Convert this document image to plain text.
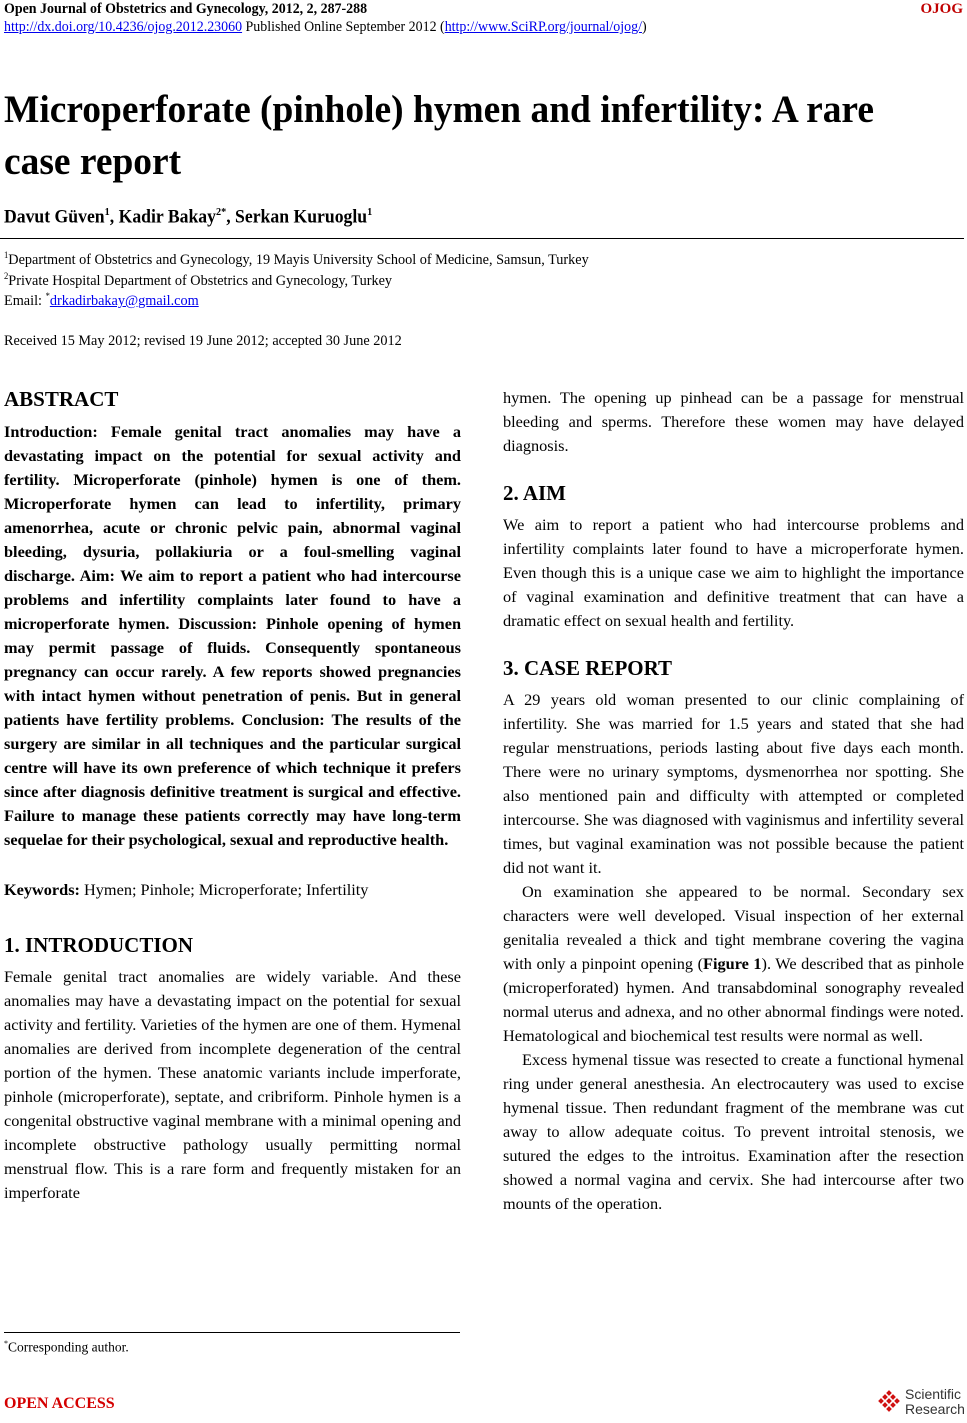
Open Journal of Obstetrics and Gynecology, 2012, 2, 287-288	OJOG
http://dx.doi.org/10.4236/ojog.2012.23060 Published Online September 2012 (http://www.SciRP.org/journal/ojog/)
Microperforate (pinhole) hymen and infertility: A rare case report
Davut Güven$^1$, Kadir Bakay$^{2*}$, Serkan Kuruoglu$^1$
$^1$Department of Obstetrics and Gynecology, 19 Mayis University School of Medicine, Samsun, Turkey
$^2$Private Hospital Department of Obstetrics and Gynecology, Turkey
Email: *drkadirbakay@gmail.com
Received 15 May 2012; revised 19 June 2012; accepted 30 June 2012
ABSTRACT

Introduction: Female genital tract anomalies may have a devastating impact on the potential for sexual activity and fertility. Microperforate (pinhole) hymen is one of them. Microperforate hymen can lead to infertility, primary amenorrhea, acute or chronic pelvic pain, abnormal vaginal bleeding, dysuria, pollakiuria or a foul-smelling vaginal discharge. Aim: We aim to report a patient who had intercourse problems and infertility complaints later found to have a microperforate hymen. Discussion: Pinhole opening of hymen may permit passage of fluids. Consequently spontaneous pregnancy can occur rarely. A few reports showed pregnancies with intact hymen without penetration of penis. But in general patients have fertility problems. Conclusion: The results of the surgery are similar in all techniques and the particular surgical centre will have its own preference of which technique it prefers since after diagnosis definitive treatment is surgical and effective. Failure to manage these patients correctly may have long-term sequelae for their psychological, sexual and reproductive health.

Keywords: Hymen; Pinhole; Microperforate; Infertility

1. INTRODUCTION

Female genital tract anomalies are widely variable. And these anomalies may have a devastating impact on the potential for sexual activity and fertility. Varieties of the hymen are one of them. Hymenal anomalies are derived from incomplete degeneration of the central portion of the hymen. These anatomic variants include imperforate, pinhole (microperforate), septate, and cribriform. Pinhole hymen is a congenital obstructive vaginal membrane with a minimal opening and incomplete obstructive pathology usually permitting normal menstrual flow. This is a rare form and frequently mistaken for an imperforate

hymen. The opening up pinhead can be a passage for menstrual bleeding and sperms. Therefore these women may have delayed diagnosis.

2. AIM

We aim to report a patient who had intercourse problems and infertility complaints later found to have a microperforate hymen. Even though this is a unique case we aim to highlight the importance of vaginal examination and definitive treatment that can have a dramatic effect on sexual health and fertility.

3. CASE REPORT

A 29 years old woman presented to our clinic complaining of infertility. She was married for 1.5 years and stated that she had regular menstruations, periods lasting about five days each month. There were no urinary symptoms, dysmenorrhea nor spotting. She also mentioned pain and difficulty with attempted or completed intercourse. She was diagnosed with vaginismus and infertility several times, but vaginal examination was not possible because the patient did not want it.

On examination she appeared to be normal. Secondary sex characters were well developed. Visual inspection of her external genitalia revealed a thick and tight membrane covering the vagina with only a pinpoint opening (Figure 1). We described that as pinhole (microperforated) hymen. And transabdominal sonography revealed normal uterus and adnexa, and no other abnormal findings were noted. Hematological and biochemical test results were normal as well.

Excess hymenal tissue was resected to create a functional hymenal ring under general anesthesia. An electrocautery was used to excise hymenal tissue. Then redundant fragment of the membrane was cut away to allow adequate coitus. To prevent introital stenosis, we sutured the edges to the introitus. Examination after the resection showed a normal vagina and cervix. She had intercourse after two mounts of the operation.

*Corresponding author.
OPEN ACCESS
Scientific
Research
